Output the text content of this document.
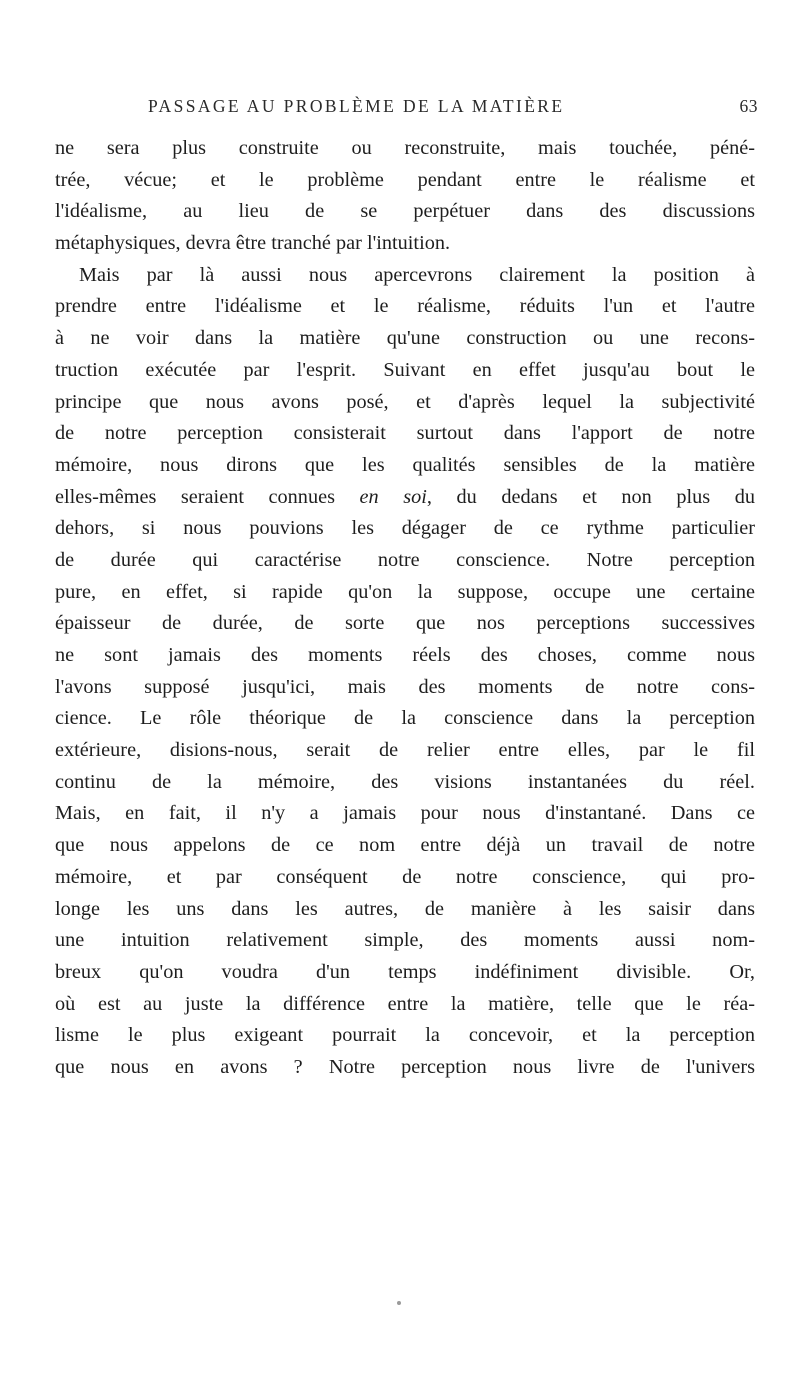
PASSAGE AU PROBLÈME DE LA MATIÈRE	63
ne sera plus construite ou reconstruite, mais touchée, péné-
trée, vécue; et le problème pendant entre le réalisme et
l'idéalisme, au lieu de se perpétuer dans des discussions
métaphysiques, devra être tranché par l'intuition.
Mais par là aussi nous apercevrons clairement la position à
prendre entre l'idéalisme et le réalisme, réduits l'un et l'autre
à ne voir dans la matière qu'une construction ou une recons-
truction exécutée par l'esprit. Suivant en effet jusqu'au bout le
principe que nous avons posé, et d'après lequel la subjectivité
de notre perception consisterait surtout dans l'apport de notre
mémoire, nous dirons que les qualités sensibles de la matière
elles-mêmes seraient connues en soi, du dedans et non plus du
dehors, si nous pouvions les dégager de ce rythme particulier
de durée qui caractérise notre conscience. Notre perception
pure, en effet, si rapide qu'on la suppose, occupe une certaine
épaisseur de durée, de sorte que nos perceptions successives
ne sont jamais des moments réels des choses, comme nous
l'avons supposé jusqu'ici, mais des moments de notre cons-
cience. Le rôle théorique de la conscience dans la perception
extérieure, disions-nous, serait de relier entre elles, par le fil
continu de la mémoire, des visions instantanées du réel.
Mais, en fait, il n'y a jamais pour nous d'instantané. Dans ce
que nous appelons de ce nom entre déjà un travail de notre
mémoire, et par conséquent de notre conscience, qui pro-
longe les uns dans les autres, de manière à les saisir dans
une intuition relativement simple, des moments aussi nom-
breux qu'on voudra d'un temps indéfiniment divisible. Or,
où est au juste la différence entre la matière, telle que le réa-
lisme le plus exigeant pourrait la concevoir, et la perception
que nous en avons ? Notre perception nous livre de l'univers
